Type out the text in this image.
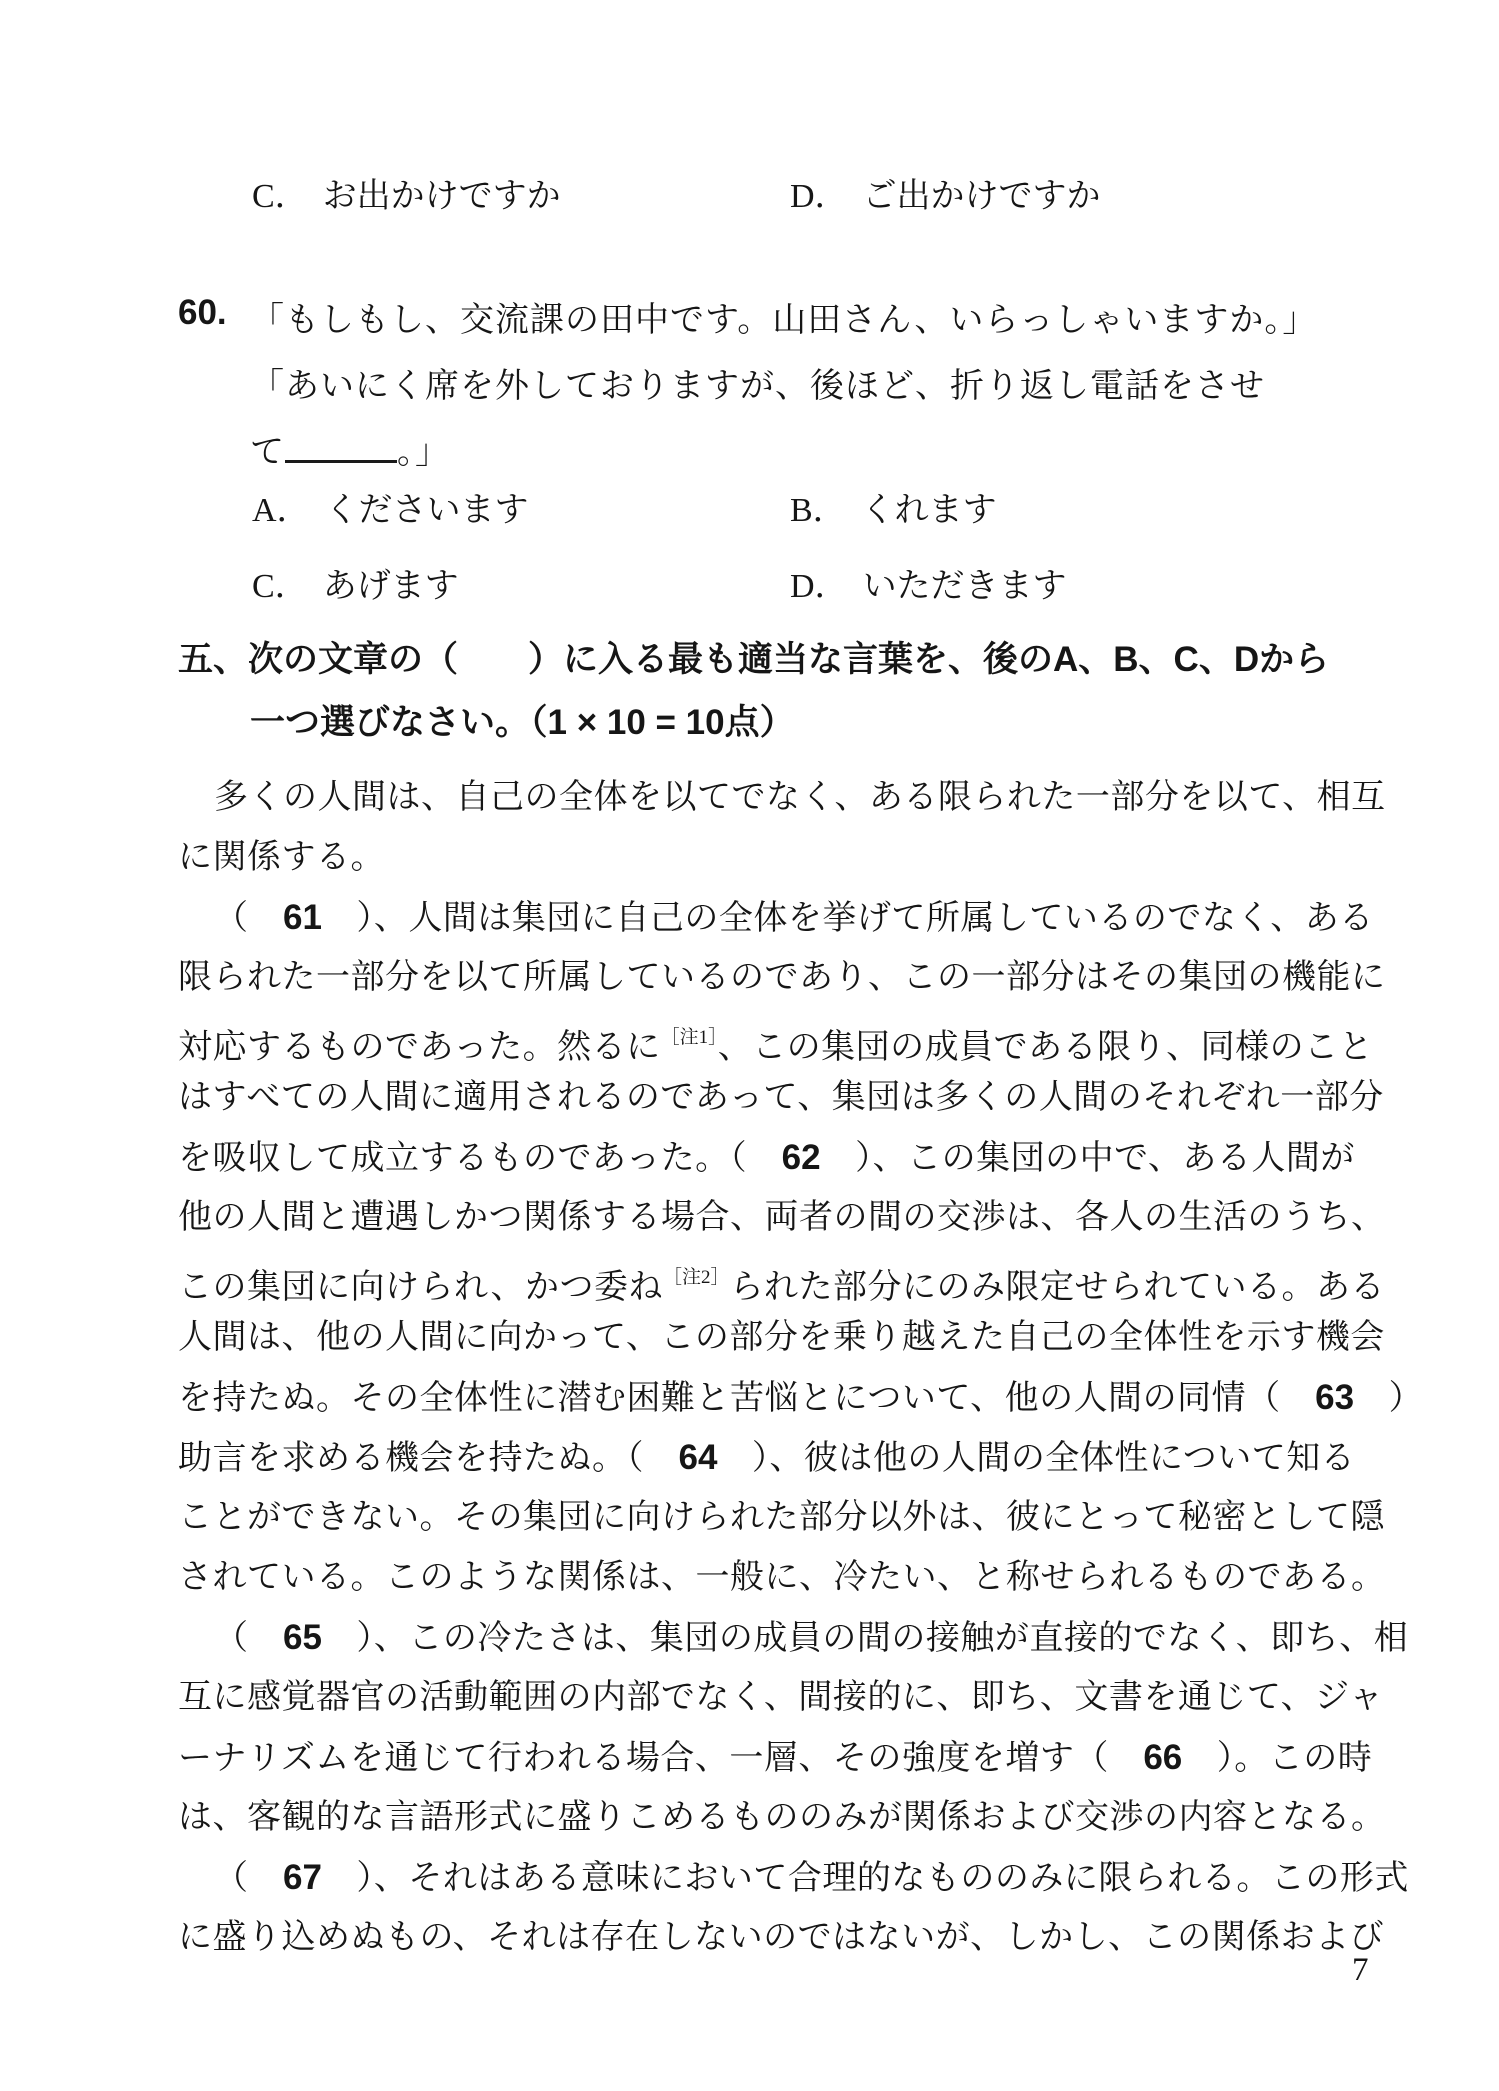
C． お出かけですか	D． ご出かけですか
60. 「もしもし、交流課の田中です。山田さん、いらっしゃいますか。」
「あいにく席を外しておりますが、後ほど、折り返し電話をさせ
て	。」
A． くださいます	B． くれます
C． あげます	D． いただきます
五、次の文章の（　　）に入る最も適当な言葉を、後のA、B、C、Dから
一つ選びなさい。（1 × 10 = 10点）
多くの人間は、自己の全体を以てでなく、ある限られた一部分を以て、相互
に関係する。
（　61　）、人間は集団に自己の全体を挙げて所属しているのでなく、ある
限られた一部分を以て所属しているのであり、この一部分はその集団の機能に
対応するものであった。然るに$^{[注1]}$、この集団の成員である限り、同様のこと
はすべての人間に適用されるのであって、集団は多くの人間のそれぞれ一部分
を吸収して成立するものであった。（　62　）、この集団の中で、ある人間が
他の人間と遭遇しかつ関係する場合、両者の間の交渉は、各人の生活のうち、
この集団に向けられ、かつ委ね$^{[注2]}$られた部分にのみ限定せられている。ある
人間は、他の人間に向かって、この部分を乗り越えた自己の全体性を示す機会
を持たぬ。その全体性に潜む困難と苦悩とについて、他の人間の同情（　63　）
助言を求める機会を持たぬ。（　64　）、彼は他の人間の全体性について知る
ことができない。その集団に向けられた部分以外は、彼にとって秘密として隠
されている。このような関係は、一般に、冷たい、と称せられるものである。
（　65　）、この冷たさは、集団の成員の間の接触が直接的でなく、即ち、相
互に感覚器官の活動範囲の内部でなく、間接的に、即ち、文書を通じて、ジャ
ーナリズムを通じて行われる場合、一層、その強度を増す（　66　）。この時
は、客観的な言語形式に盛りこめるもののみが関係および交渉の内容となる。
（　67　）、それはある意味において合理的なもののみに限られる。この形式
に盛り込めぬもの、それは存在しないのではないが、しかし、この関係および
7
